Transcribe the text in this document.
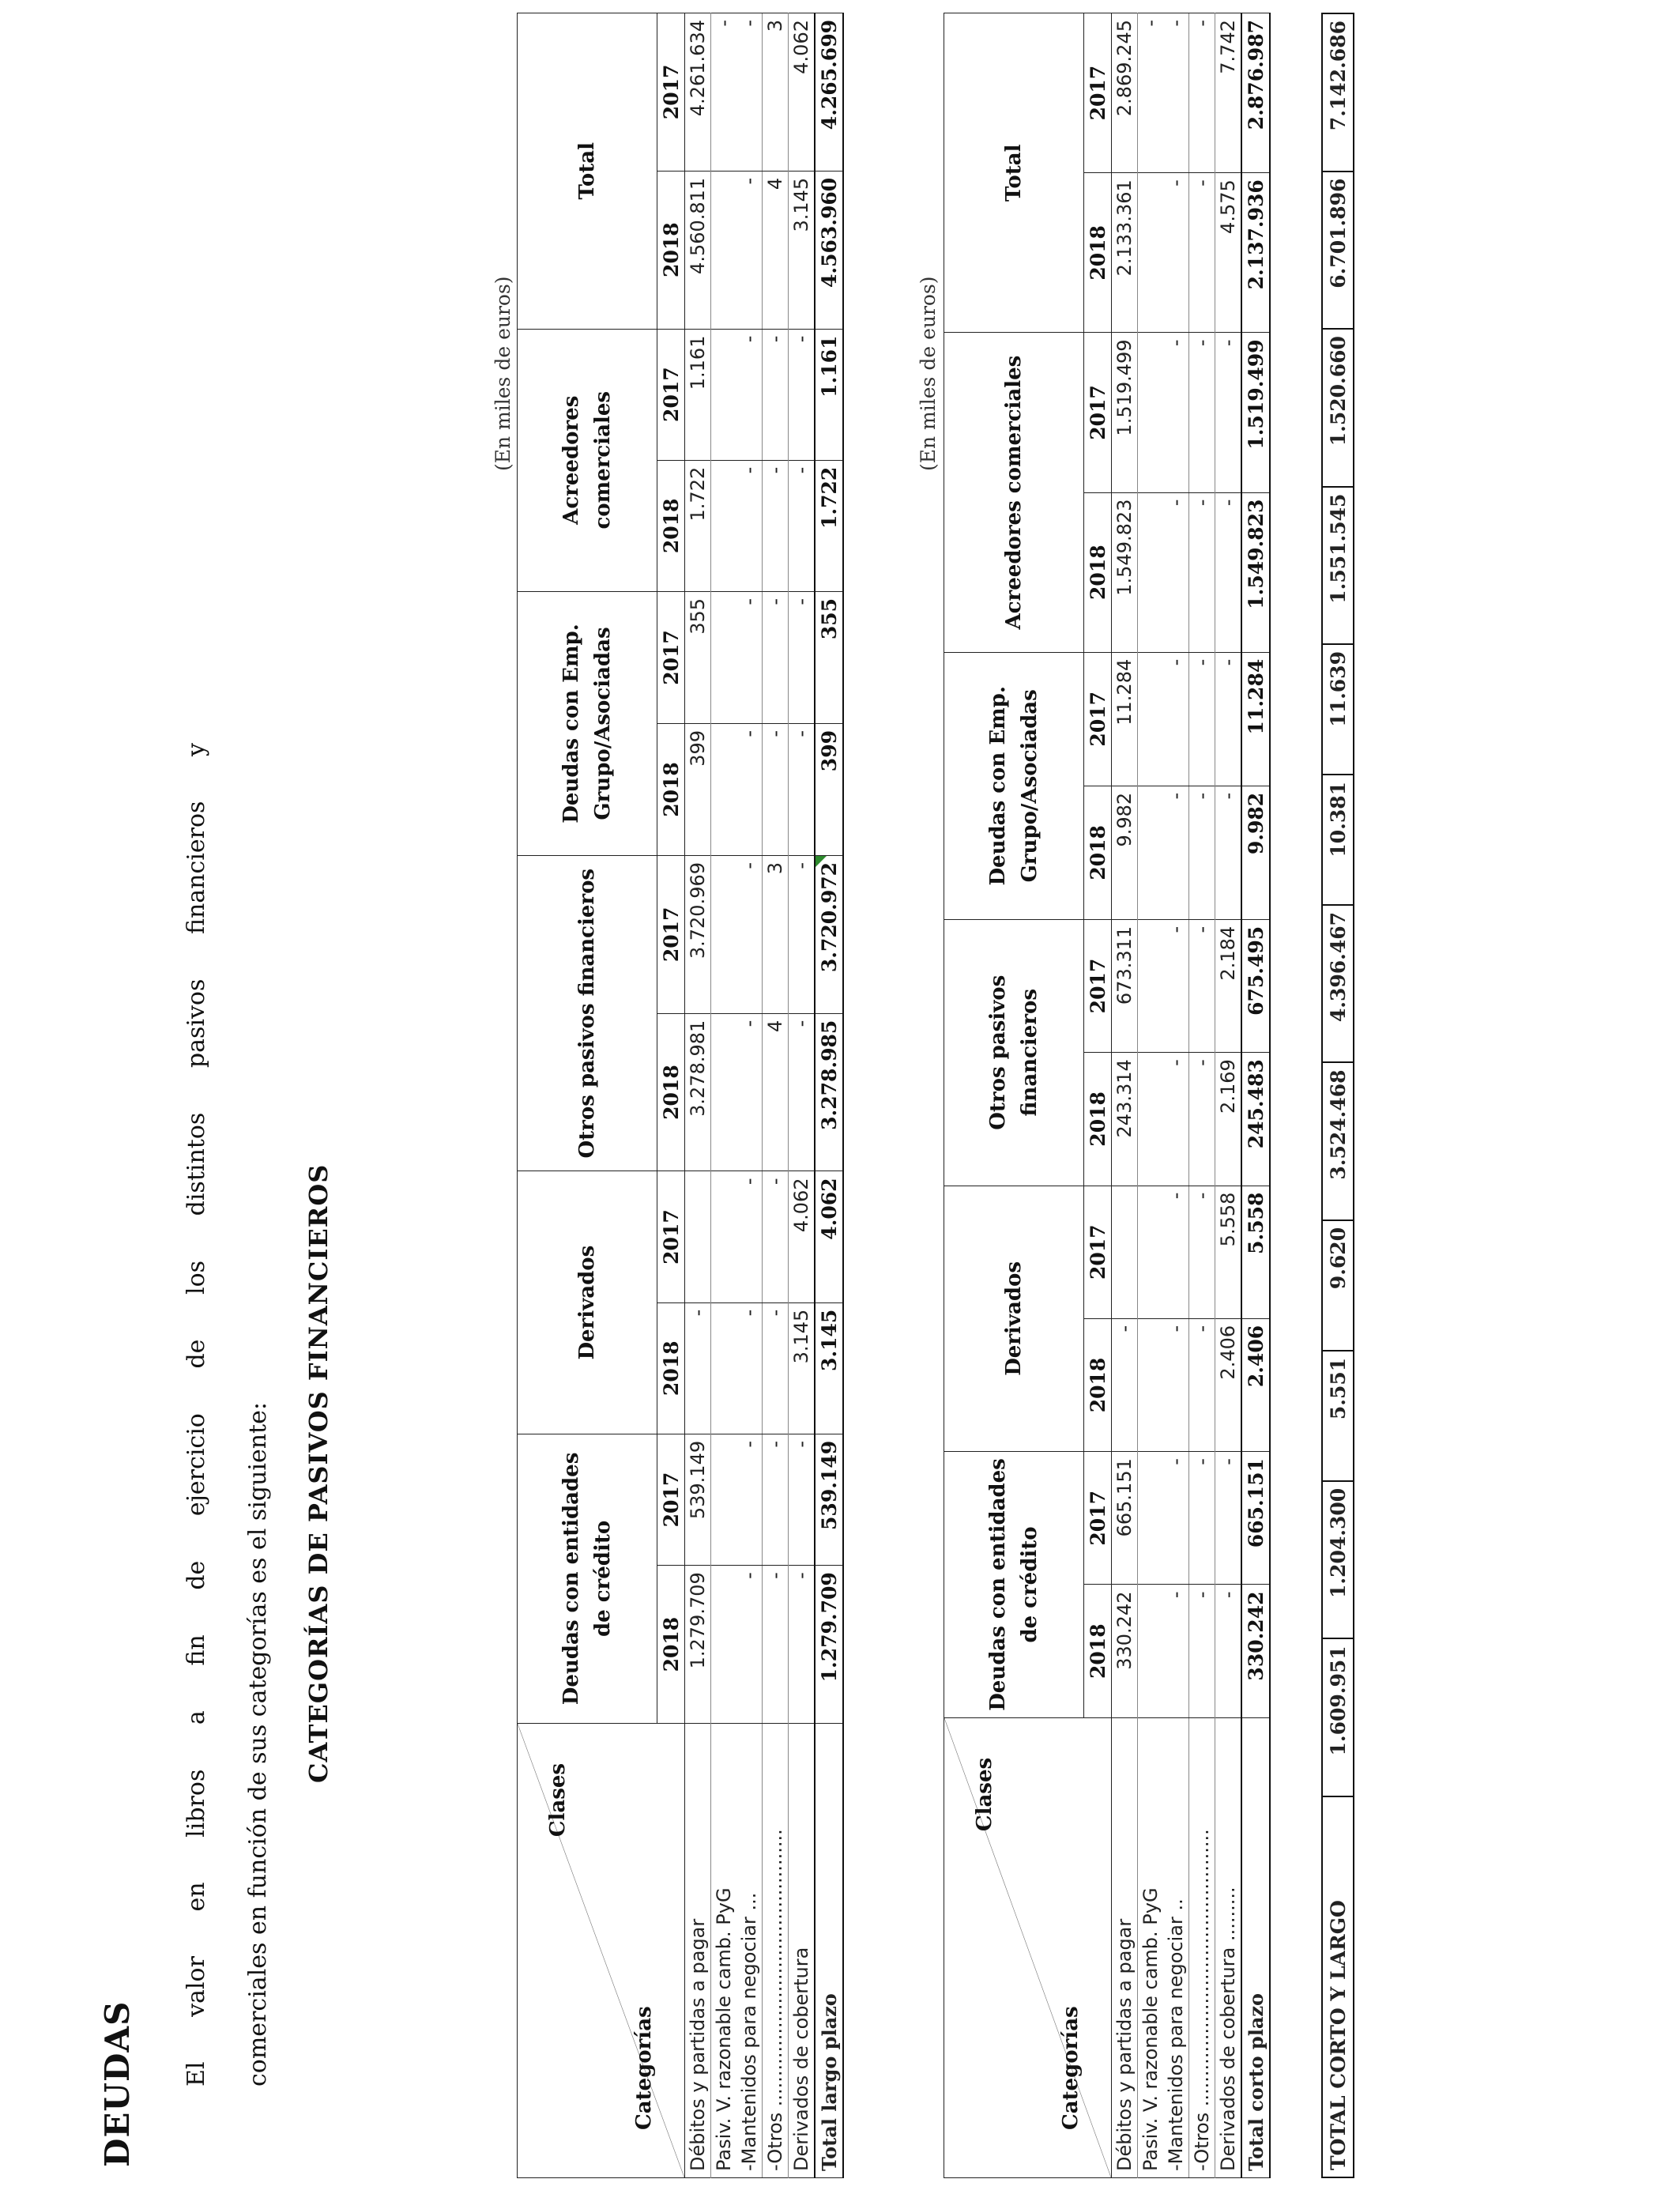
DEUDAS	El valor en libros a fin de ejercicio de los distintos pasivos financieros y	comerciales en función de sus categorías es el siguiente:	CATEGORÍAS DE PASIVOS FINANCIEROS
(En miles de euros)	(En miles de euros)
Clases
Categorías	Deudas con entidades de crédito		Derivados		Otros pasivos financieros		Deudas con Emp. Grupo/Asociadas		Acreedores comerciales		Total	
	2018	2017	2018	2017	2018	2017	2018	2017	2018	2017	2018	2017
Débitos y partidas a pagar	1.279.709	539.149	-		3.278.981	3.720.969	399	355	1.722	1.161	4.560.811	4.261.634
Pasiv. V. razonable camb. PyG												-
-Mantenidos para negociar ...	-	-	-	-	-	-	-	-	-	-	-	-
-Otros ..............................................	-	-	-	-	4	3	-	-	-	-	4	3
Derivados de cobertura	-	-	3.145	4.062	-	-	-	-	-	-	3.145	4.062
Total largo plazo	1.279.709	539.149	3.145	4.062	3.278.985	3.720.972	399	355	1.722	1.161	4.563.960	4.265.699
Clases
Categorías	Deudas con entidades de crédito		Derivados		Otros pasivos financieros		Deudas con Emp. Grupo/Asociadas		Acreedores comerciales		Total	
	2018	2017	2018	2017	2018	2017	2018	2017	2018	2017	2018	2017
Débitos y partidas a pagar	330.242	665.151	-		243.314	673.311	9.982	11.284	1.549.823	1.519.499	2.133.361	2.869.245
Pasiv. V. razonable camb. PyG												-
-Mantenidos para negociar ..	-	-	-	-	-	-	-	-	-	-	-	-
-Otros ..............................................	-	-	-	-	-	-	-	-	-	-	-	-
Derivados de cobertura .........	-	-	2.406	5.558	2.169	2.184	-	-	-	-	4.575	7.742
Total corto plazo	330.242	665.151	2.406	5.558	245.483	675.495	9.982	11.284	1.549.823	1.519.499	2.137.936	2.876.987
TOTAL CORTO Y LARGO	1.609.951	1.204.300	5.551	9.620	3.524.468	4.396.467	10.381	11.639	1.551.545	1.520.660	6.701.896	7.142.686
